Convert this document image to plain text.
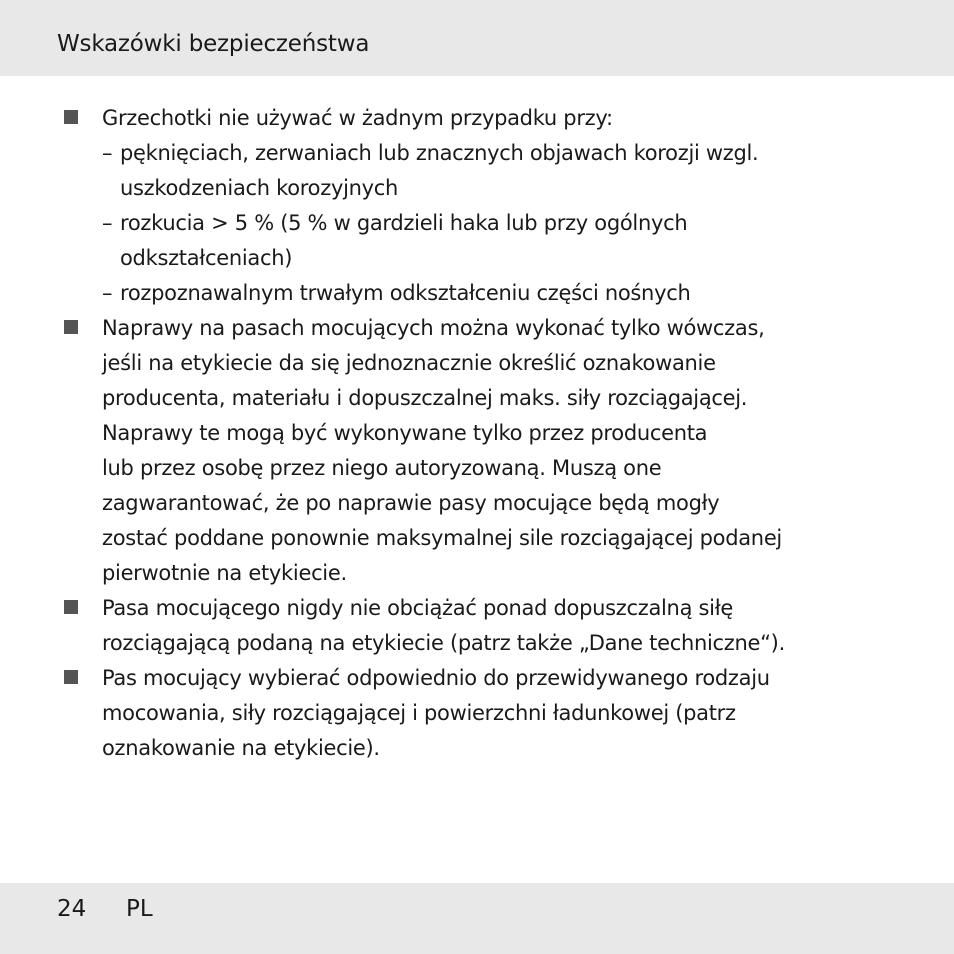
Wskazówki bezpieczeństwa
Grzechotki nie używać w żadnym przypadku przy:
– pęknięciach, zerwaniach lub znacznych objawach korozji wzgl.
uszkodzeniach korozyjnych
– rozkucia > 5 % (5 % w gardzieli haka lub przy ogólnych
odkształceniach)
– rozpoznawalnym trwałym odkształceniu części nośnych
Naprawy na pasach mocujących można wykonać tylko wówczas,
jeśli na etykiecie da się jednoznacznie określić oznakowanie
producenta, materiału i dopuszczalnej maks. siły rozciągającej.
Naprawy te mogą być wykonywane tylko przez producenta
lub przez osobę przez niego autoryzowaną. Muszą one
zagwarantować, że po naprawie pasy mocujące będą mogły
zostać poddane ponownie maksymalnej sile rozciągającej podanej
pierwotnie na etykiecie.
Pasa mocującego nigdy nie obciążać ponad dopuszczalną siłę
rozciągającą podaną na etykiecie (patrz także „Dane techniczne“).
Pas mocujący wybierać odpowiednio do przewidywanego rodzaju
mocowania, siły rozciągającej i powierzchni ładunkowej (patrz
oznakowanie na etykiecie).
24 PL
